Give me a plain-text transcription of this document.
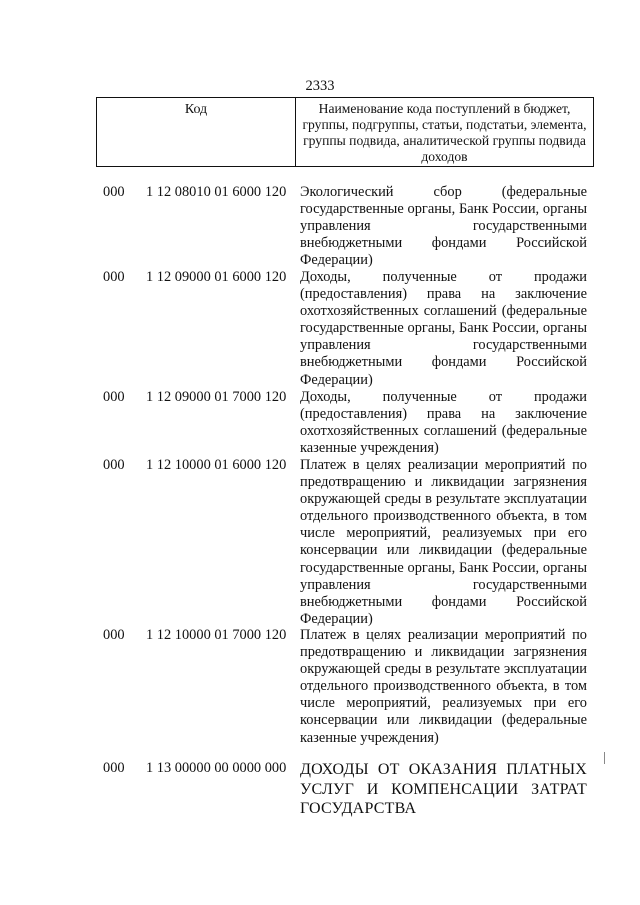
2333
Код	Наименование кода поступлений в бюджет, группы, подгруппы, статьи, подстатьи, элемента, группы подвида, аналитической группы подвида доходов
000 1 12 08010 01 6000 120 Экологический сбор (федеральные государственные органы, Банк России, органы управления государственными внебюджетными фондами Российской Федерации)
000 1 12 09000 01 6000 120 Доходы, полученные от продажи (предоставления) права на заключение охотхозяйственных соглашений (федеральные государственные органы, Банк России, органы управления государственными внебюджетными фондами Российской Федерации)
000 1 12 09000 01 7000 120 Доходы, полученные от продажи (предоставления) права на заключение охотхозяйственных соглашений (федеральные казенные учреждения)
000 1 12 10000 01 6000 120 Платеж в целях реализации мероприятий по предотвращению и ликвидации загрязнения окружающей среды в результате эксплуатации отдельного производственного объекта, в том числе мероприятий, реализуемых при его консервации или ликвидации (федеральные государственные органы, Банк России, органы управления государственными внебюджетными фондами Российской Федерации)
000 1 12 10000 01 7000 120 Платеж в целях реализации мероприятий по предотвращению и ликвидации загрязнения окружающей среды в результате эксплуатации отдельного производственного объекта, в том числе мероприятий, реализуемых при его консервации или ликвидации (федеральные казенные учреждения)
000 1 13 00000 00 0000 000 ДОХОДЫ ОТ ОКАЗАНИЯ ПЛАТНЫХ УСЛУГ И КОМПЕНСАЦИИ ЗАТРАТ ГОСУДАРСТВА
